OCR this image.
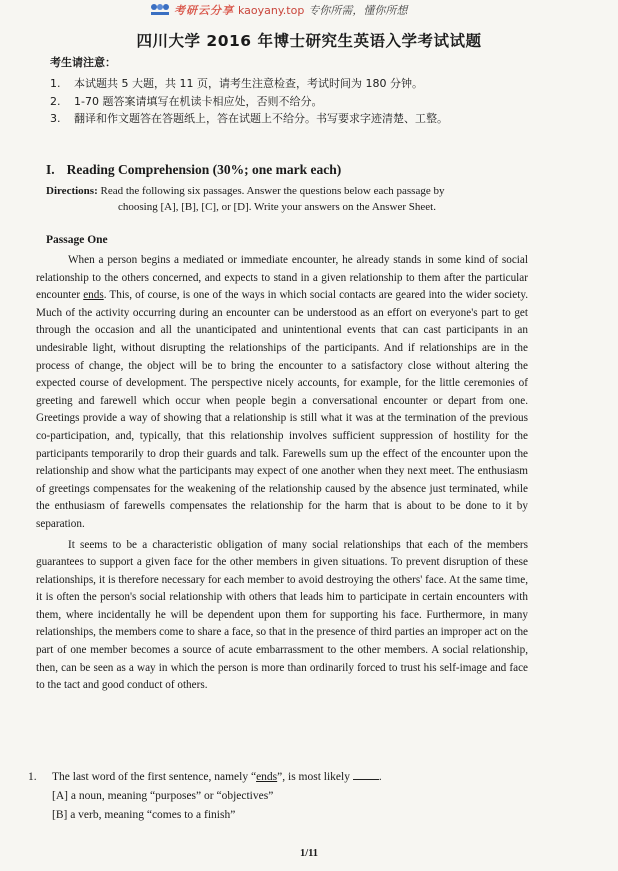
考研云分享 kaoyany.top 专你所需，懂你所想
四川大学 2016 年博士研究生英语入学考试试题
考生请注意：
1.	本试题共 5 大题，共 11 页，请考生注意检查，考试时间为 180 分钟。
2.	1-70 题答案请填写在机读卡相应处，否则不给分。
3.	翻译和作文题答在答题纸上，答在试题上不给分。书写要求字迹清楚、工整。
I. Reading Comprehension (30%; one mark each)
Directions: Read the following six passages. Answer the questions below each passage by
choosing [A], [B], [C], or [D]. Write your answers on the Answer Sheet.
Passage One

When a person begins a mediated or immediate encounter, he already stands in some kind of social relationship to the others concerned, and expects to stand in a given relationship to them after the particular encounter ends. This, of course, is one of the ways in which social contacts are geared into the wider society. Much of the activity occurring during an encounter can be understood as an effort on everyone's part to get through the occasion and all the unanticipated and unintentional events that can cast participants in an undesirable light, without disrupting the relationships of the participants. And if relationships are in the process of change, the object will be to bring the encounter to a satisfactory close without altering the expected course of development. The perspective nicely accounts, for example, for the little ceremonies of greeting and farewell which occur when people begin a conversational encounter or depart from one. Greetings provide a way of showing that a relationship is still what it was at the termination of the previous co-participation, and, typically, that this relationship involves sufficient suppression of hostility for the participants temporarily to drop their guards and talk. Farewells sum up the effect of the encounter upon the relationship and show what the participants may expect of one another when they next meet. The enthusiasm of greetings compensates for the weakening of the relationship caused by the absence just terminated, while the enthusiasm of farewells compensates the relationship for the harm that is about to be done to it by separation.

It seems to be a characteristic obligation of many social relationships that each of the members guarantees to support a given face for the other members in given situations. To prevent disruption of these relationships, it is therefore necessary for each member to avoid destroying the others' face. At the same time, it is often the person's social relationship with others that leads him to participate in certain encounters with them, where incidentally he will be dependent upon them for supporting his face. Furthermore, in many relationships, the members come to share a face, so that in the presence of third parties an improper act on the part of one member becomes a source of acute embarrassment to the other members. A social relationship, then, can be seen as a way in which the person is more than ordinarily forced to trust his self-image and face to the tact and good conduct of others.

1.	The last word of the first sentence, namely “ends”, is most likely	.
[A] a noun, meaning “purposes” or “objectives”
[B] a verb, meaning “comes to a finish”
1/11
